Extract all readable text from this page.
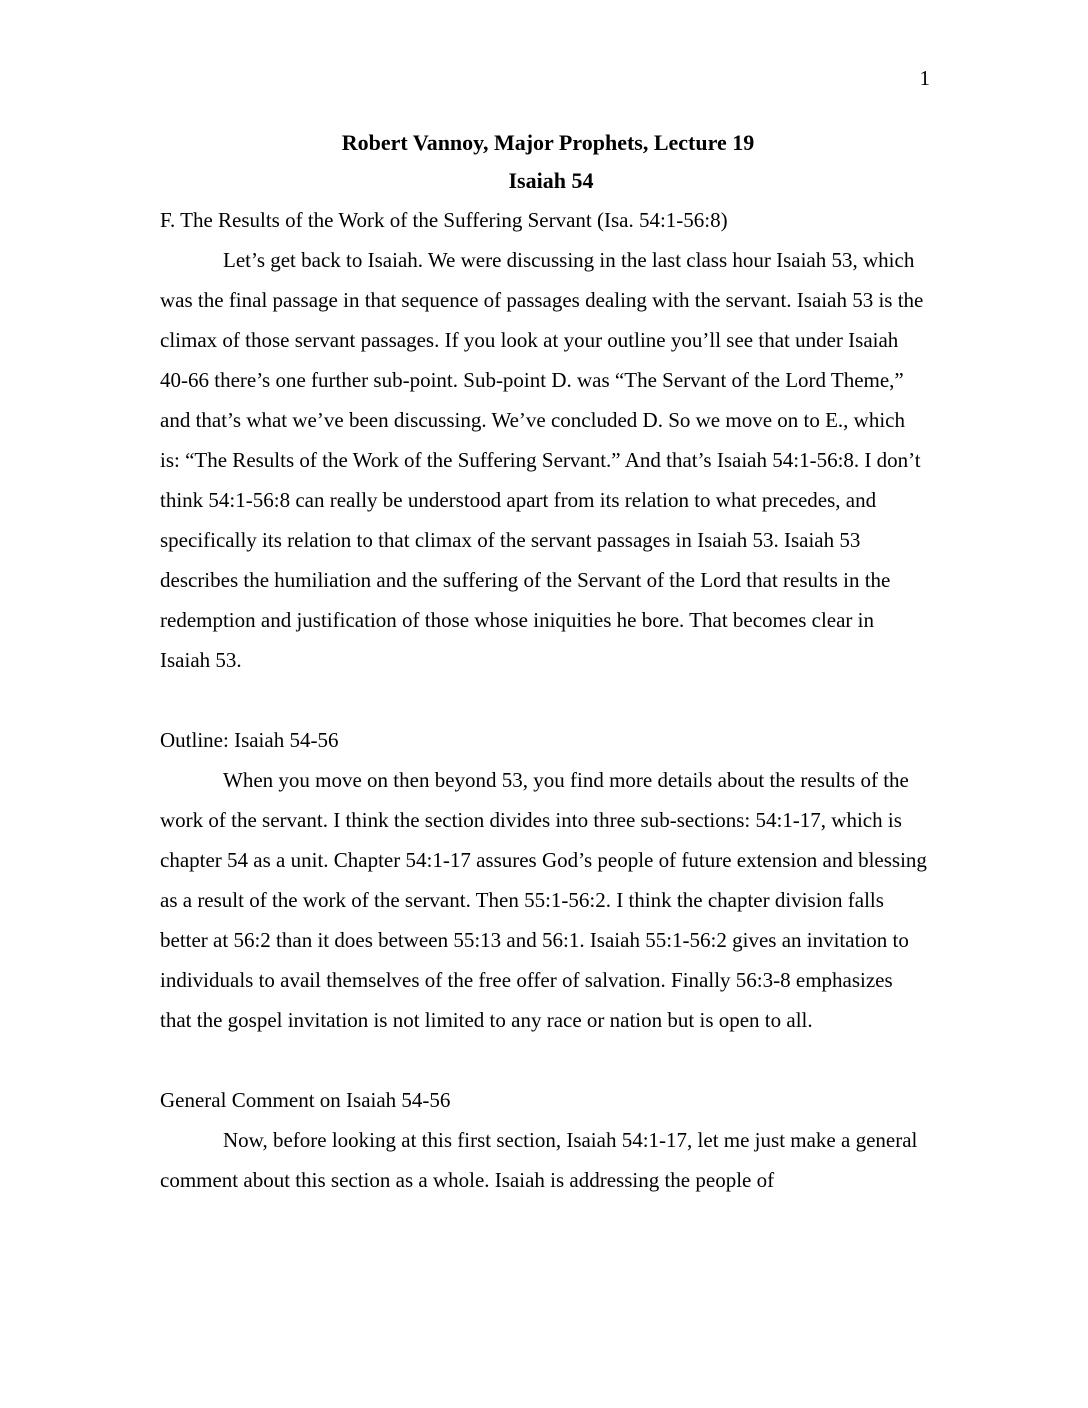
1
Robert Vannoy, Major Prophets, Lecture 19
Isaiah 54

F. The Results of the Work of the Suffering Servant (Isa. 54:1-56:8)

Let’s get back to Isaiah. We were discussing in the last class hour Isaiah 53, which was the final passage in that sequence of passages dealing with the servant. Isaiah 53 is the climax of those servant passages. If you look at your outline you’ll see that under Isaiah 40-66 there’s one further sub-point. Sub-point D. was “The Servant of the Lord Theme,” and that’s what we’ve been discussing. We’ve concluded D. So we move on to E., which is: “The Results of the Work of the Suffering Servant.” And that’s Isaiah 54:1-56:8. I don’t think 54:1-56:8 can really be understood apart from its relation to what precedes, and specifically its relation to that climax of the servant passages in Isaiah 53. Isaiah 53 describes the humiliation and the suffering of the Servant of the Lord that results in the redemption and justification of those whose iniquities he bore. That becomes clear in Isaiah 53.

Outline: Isaiah 54-56

When you move on then beyond 53, you find more details about the results of the work of the servant. I think the section divides into three sub-sections: 54:1-17, which is chapter 54 as a unit. Chapter 54:1-17 assures God’s people of future extension and blessing as a result of the work of the servant. Then 55:1-56:2. I think the chapter division falls better at 56:2 than it does between 55:13 and 56:1. Isaiah 55:1-56:2 gives an invitation to individuals to avail themselves of the free offer of salvation. Finally 56:3-8 emphasizes that the gospel invitation is not limited to any race or nation but is open to all.

General Comment on Isaiah 54-56

Now, before looking at this first section, Isaiah 54:1-17, let me just make a general comment about this section as a whole. Isaiah is addressing the people of
